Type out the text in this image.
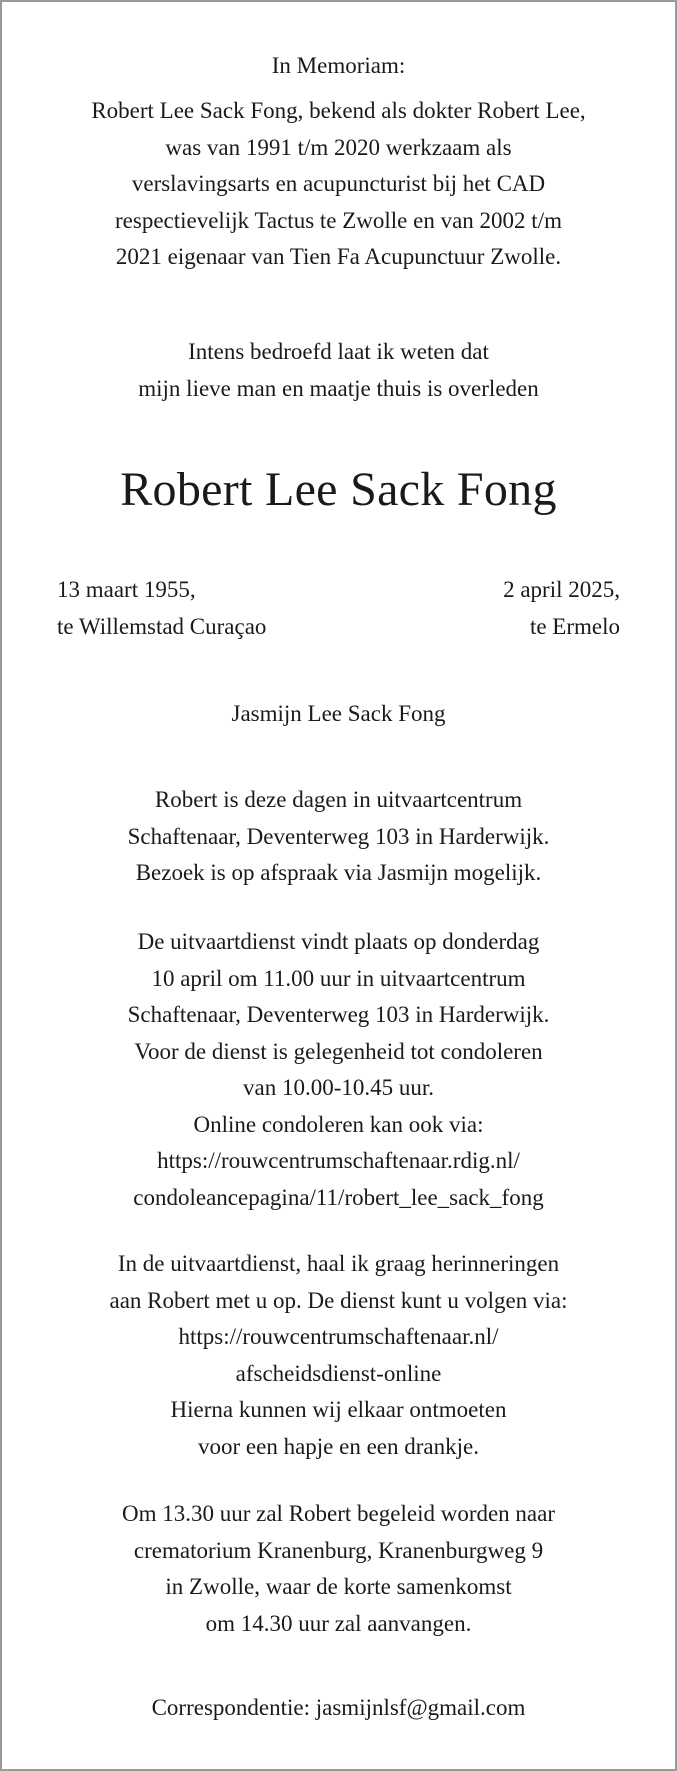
In Memoriam:

Robert Lee Sack Fong, bekend als dokter Robert Lee,
was van 1991 t/m 2020 werkzaam als
verslavingsarts en acupuncturist bij het CAD
respectievelijk Tactus te Zwolle en van 2002 t/m
2021 eigenaar van Tien Fa Acupunctuur Zwolle.

Intens bedroefd laat ik weten dat
mijn lieve man en maatje thuis is overleden

Robert Lee Sack Fong
13 maart 1955,
te Willemstad Curaçao
2 april 2025,
te Ermelo

Jasmijn Lee Sack Fong

Robert is deze dagen in uitvaartcentrum
Schaftenaar, Deventerweg 103 in Harderwijk.
Bezoek is op afspraak via Jasmijn mogelijk.

De uitvaartdienst vindt plaats op donderdag
10 april om 11.00 uur in uitvaartcentrum
Schaftenaar, Deventerweg 103 in Harderwijk.
Voor de dienst is gelegenheid tot condoleren
van 10.00-10.45 uur.
Online condoleren kan ook via:
https://rouwcentrumschaftenaar.rdig.nl/
condoleancepagina/11/robert_lee_sack_fong

In de uitvaartdienst, haal ik graag herinneringen
aan Robert met u op. De dienst kunt u volgen via:
https://rouwcentrumschaftenaar.nl/
afscheidsdienst-online
Hierna kunnen wij elkaar ontmoeten
voor een hapje en een drankje.

Om 13.30 uur zal Robert begeleid worden naar
crematorium Kranenburg, Kranenburgweg 9
in Zwolle, waar de korte samenkomst
om 14.30 uur zal aanvangen.

Correspondentie: jasmijnlsf@gmail.com
